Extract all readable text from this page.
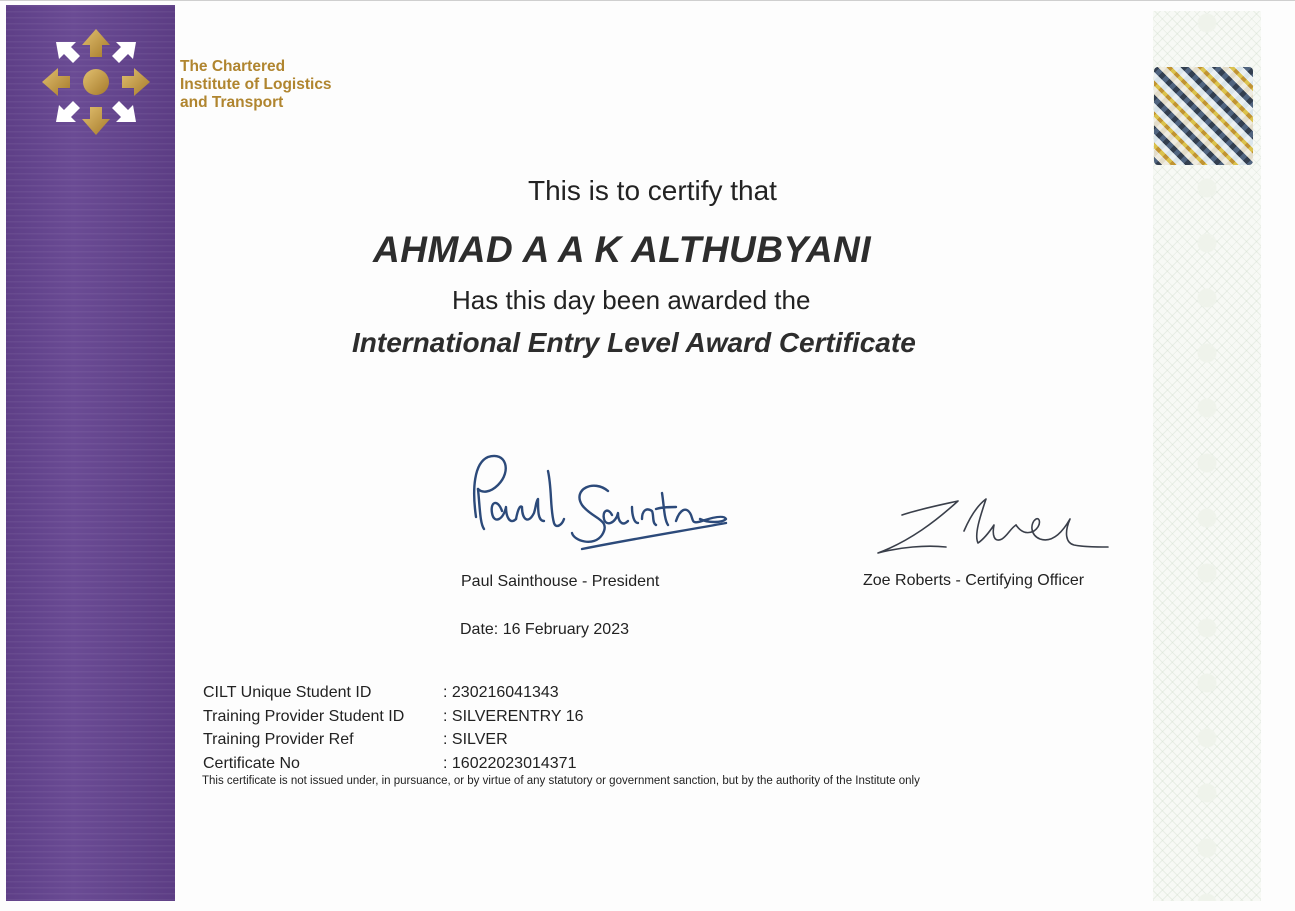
The Chartered
Institute of Logistics
and Transport
This is to certify that
AHMAD A A K ALTHUBYANI
Has this day been awarded the
International Entry Level Award Certificate
Paul Sainthouse - President	Zoe Roberts - Certifying Officer
Date: 16 February 2023
CILT Unique Student ID	: 230216041343
Training Provider Student ID	: SILVERENTRY 16
Training Provider Ref	: SILVER
Certificate No	: 16022023014371
This certificate is not issued under, in pursuance, or by virtue of any statutory or government sanction, but by the authority of the Institute only
